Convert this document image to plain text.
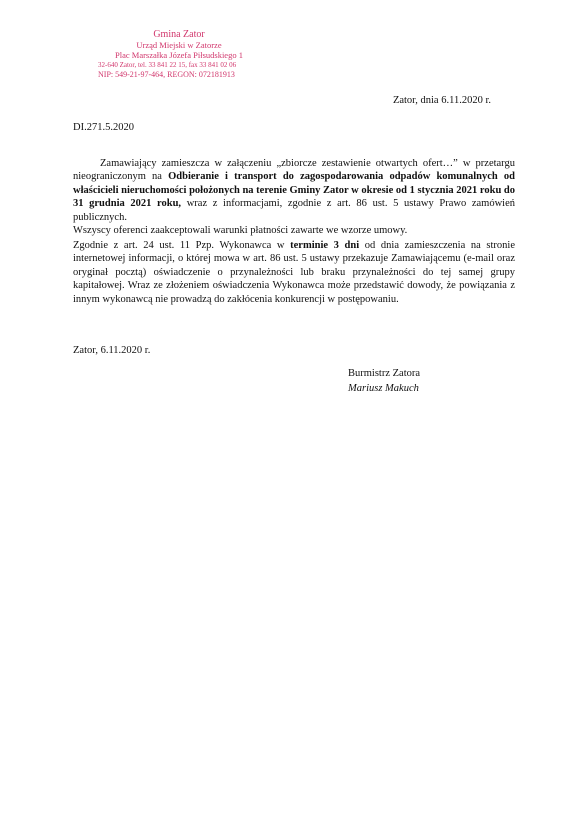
Gmina Zator
Urząd Miejski w Zatorze
Plac Marszałka Józefa Piłsudskiego 1
32-640 Zator, tel. 33 841 22 15, fax 33 841 02 06
NIP: 549-21-97-464, REGON: 072181913
Zator, dnia 6.11.2020 r.
DI.271.5.2020
Zamawiający zamieszcza w załączeniu „zbiorcze zestawienie otwartych ofert…” w przetargu nieograniczonym na Odbieranie i transport do zagospodarowania odpadów komunalnych od właścicieli nieruchomości położonych na terenie Gminy Zator w okresie od 1 stycznia 2021 roku do 31 grudnia 2021 roku, wraz z informacjami, zgodnie z art. 86 ust. 5 ustawy Prawo zamówień publicznych.
Wszyscy oferenci zaakceptowali warunki płatności zawarte we wzorze umowy.
Zgodnie z art. 24 ust. 11 Pzp. Wykonawca w terminie 3 dni od dnia zamieszczenia na stronie internetowej informacji, o której mowa w art. 86 ust. 5 ustawy przekazuje Zamawiającemu (e-mail oraz oryginał pocztą) oświadczenie o przynależności lub braku przynależności do tej samej grupy kapitałowej. Wraz ze złożeniem oświadczenia Wykonawca może przedstawić dowody, że powiązania z innym wykonawcą nie prowadzą do zakłócenia konkurencji w postępowaniu.
Zator, 6.11.2020 r.
Burmistrz Zatora
Mariusz Makuch
